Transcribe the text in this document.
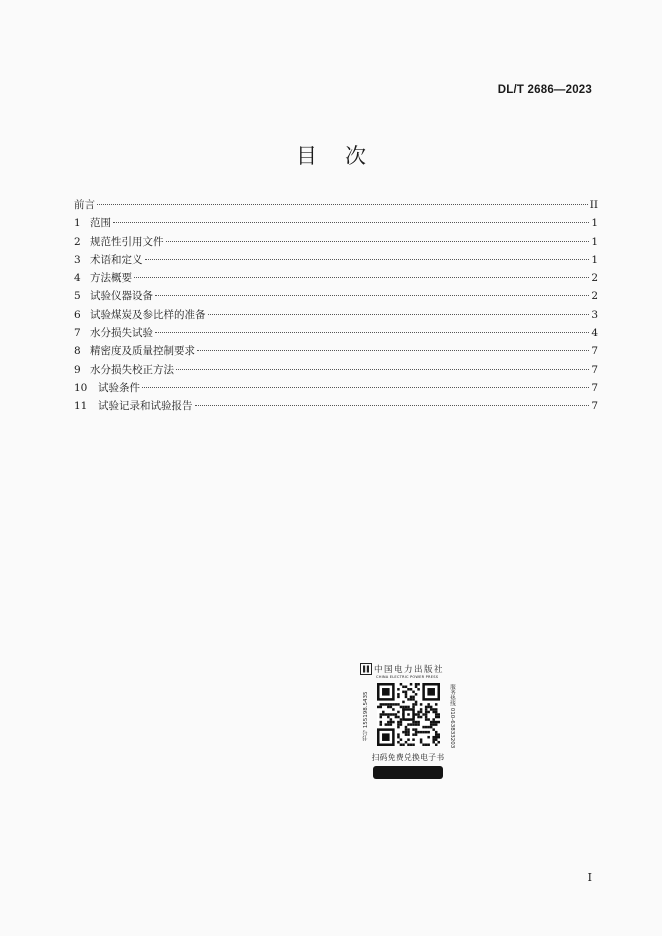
DL/T 2686—2023
目次
前言	II
1 范围	1
2 规范性引用文件	1
3 术语和定义	1
4 方法概要	2
5 试验仪器设备	2
6 试验煤炭及参比样的准备	3
7 水分损失试验	4
8 精密度及质量控制要求	7
9 水分损失校正方法	7
10	试验条件	7
11	试验记录和试验报告	7
中国电力出版社
CHINA ELECTRIC POWER PRESS
书号 155198.5435	服务热线 010-63833203
扫码免费兑换电子书
I
